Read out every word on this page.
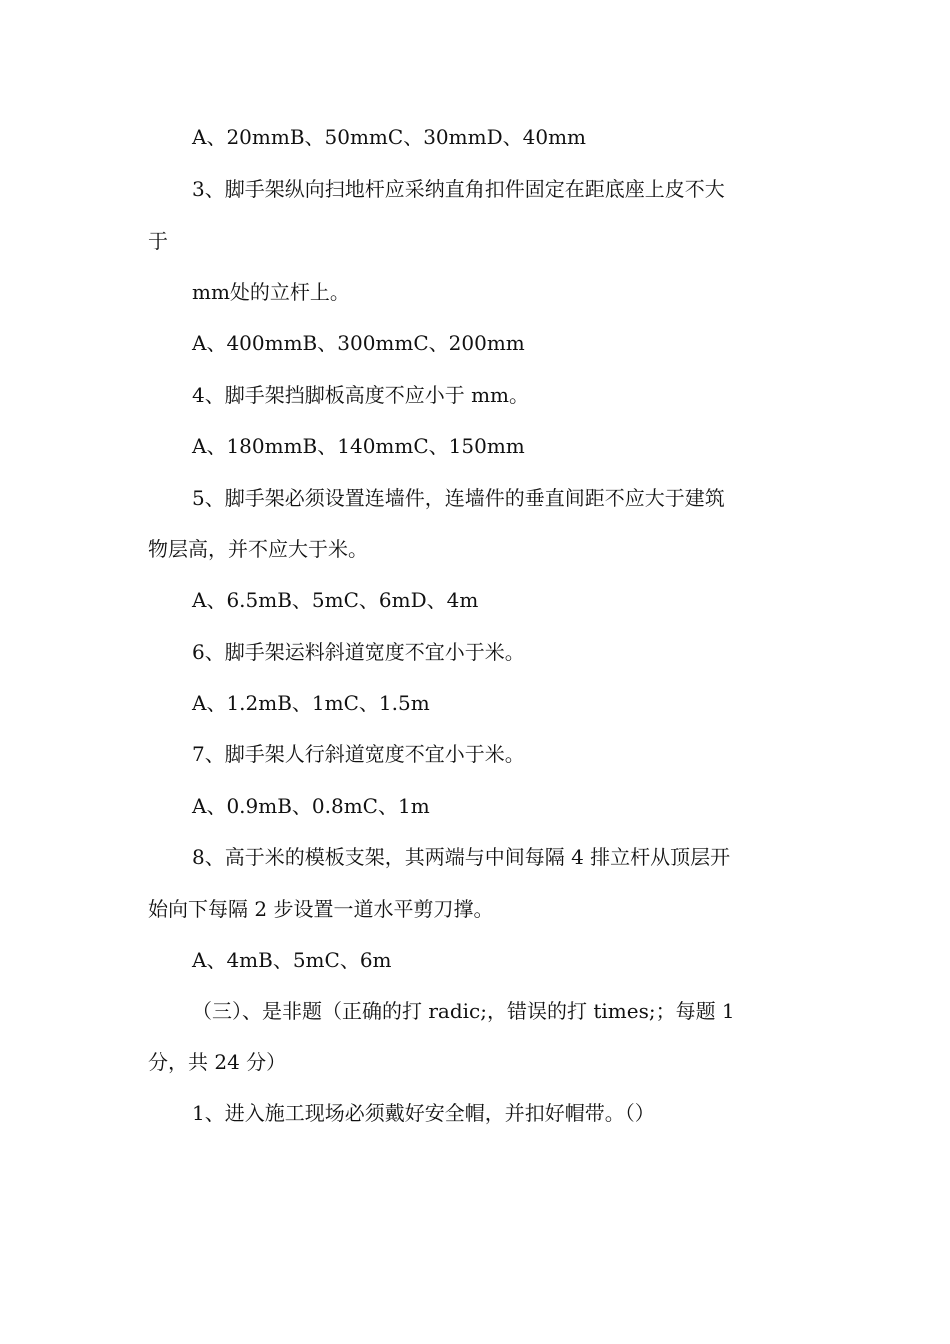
A、20mmB、50mmC、30mmD、40mm
3、脚手架纵向扫地杆应采纳直角扣件固定在距底座上皮不大
于
mm处的立杆上。
A、400mmB、300mmC、200mm
4、脚手架挡脚板高度不应小于 mm。
A、180mmB、140mmC、150mm
5、脚手架必须设置连墙件，连墙件的垂直间距不应大于建筑
物层高，并不应大于米。
A、6.5mB、5mC、6mD、4m
6、脚手架运料斜道宽度不宜小于米。
A、1.2mB、1mC、1.5m
7、脚手架人行斜道宽度不宜小于米。
A、0.9mB、0.8mC、1m
8、高于米的模板支架，其两端与中间每隔 4 排立杆从顶层开
始向下每隔 2 步设置一道水平剪刀撑。
A、4mB、5mC、6m
（三）、是非题（正确的打 radic;，错误的打 times;；每题 1
分，共 24 分）
1、进入施工现场必须戴好安全帽，并扣好帽带。（）
